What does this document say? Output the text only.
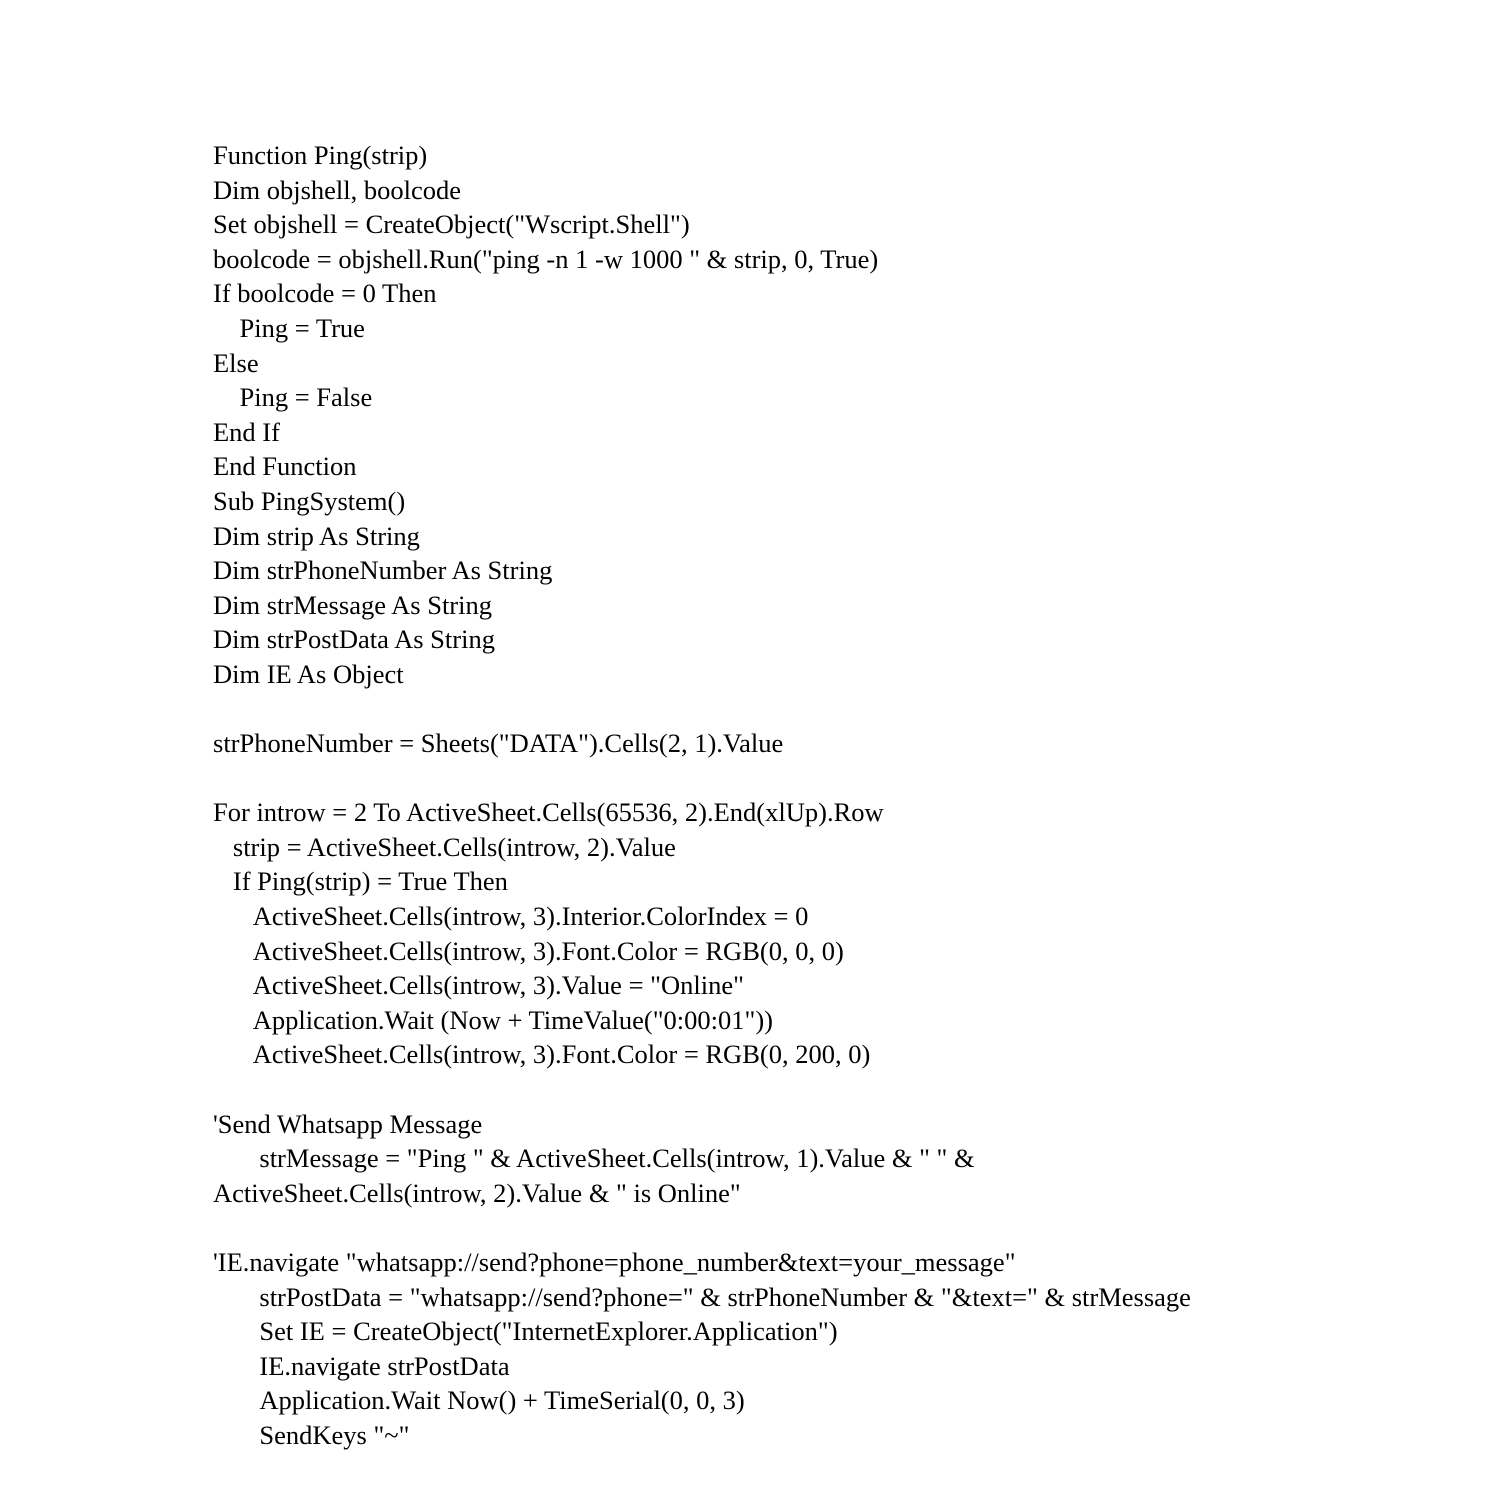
Function Ping(strip)
Dim objshell, boolcode
Set objshell = CreateObject("Wscript.Shell")
boolcode = objshell.Run("ping -n 1 -w 1000 " & strip, 0, True)
If boolcode = 0 Then
Ping = True
Else
Ping = False
End If
End Function
Sub PingSystem()
Dim strip As String
Dim strPhoneNumber As String
Dim strMessage As String
Dim strPostData As String
Dim IE As Object

strPhoneNumber = Sheets("DATA").Cells(2, 1).Value

For introw = 2 To ActiveSheet.Cells(65536, 2).End(xlUp).Row
strip = ActiveSheet.Cells(introw, 2).Value
If Ping(strip) = True Then
ActiveSheet.Cells(introw, 3).Interior.ColorIndex = 0
ActiveSheet.Cells(introw, 3).Font.Color = RGB(0, 0, 0)
ActiveSheet.Cells(introw, 3).Value = "Online"
Application.Wait (Now + TimeValue("0:00:01"))
ActiveSheet.Cells(introw, 3).Font.Color = RGB(0, 200, 0)

'Send Whatsapp Message
strMessage = "Ping " & ActiveSheet.Cells(introw, 1).Value & " " &
ActiveSheet.Cells(introw, 2).Value & " is Online"

'IE.navigate "whatsapp://send?phone=phone_number&text=your_message"
strPostData = "whatsapp://send?phone=" & strPhoneNumber & "&text=" & strMessage
Set IE = CreateObject("InternetExplorer.Application")
IE.navigate strPostData
Application.Wait Now() + TimeSerial(0, 0, 3)
SendKeys "~"
